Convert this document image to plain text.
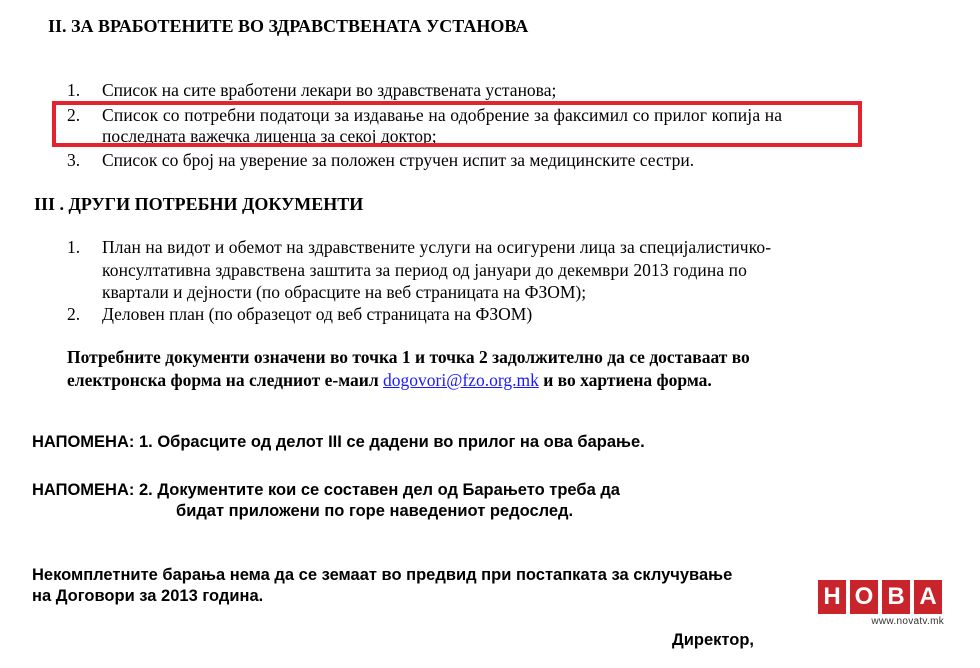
II. ЗА ВРАБОТЕНИТЕ ВО ЗДРАВСТВЕНАТА УСТАНОВА
1. Список на сите вработени лекари во здравствената установа;
2. Список со потребни податоци за издавање на одобрение за факсимил со прилог копија на
последната важечка лиценца за секој доктор;
3. Список со број на уверение за положен стручен испит за медицинските сестри.
III . ДРУГИ ПОТРЕБНИ ДОКУМЕНТИ
1. План на видот и обемот на здравствените услуги на осигурени лица за специјалистичко-
консултативна здравствена заштита за период од јануари до декември 2013 година по
квартали и дејности (по обрасците на веб страницата на ФЗОМ);
2. Деловен план (по образецот од веб страницата на ФЗОМ)
Потребните документи означени во точка 1 и точка 2 задолжително да се доставаат во
електронска форма на следниот е-маил dogovori@fzo.org.mk и во хартиена форма.
НАПОМЕНА: 1. Обрасците од делот III се дадени во прилог на ова барање.
НАПОМЕНА: 2. Документите кои се составен дел од Барањето треба да
бидат приложени по горе наведениот редослед.
Некомплетните барања нема да се земаат во предвид при постапката за склучување
на Договори за 2013 година.
Директор,
Н О В А
www.novatv.mk
